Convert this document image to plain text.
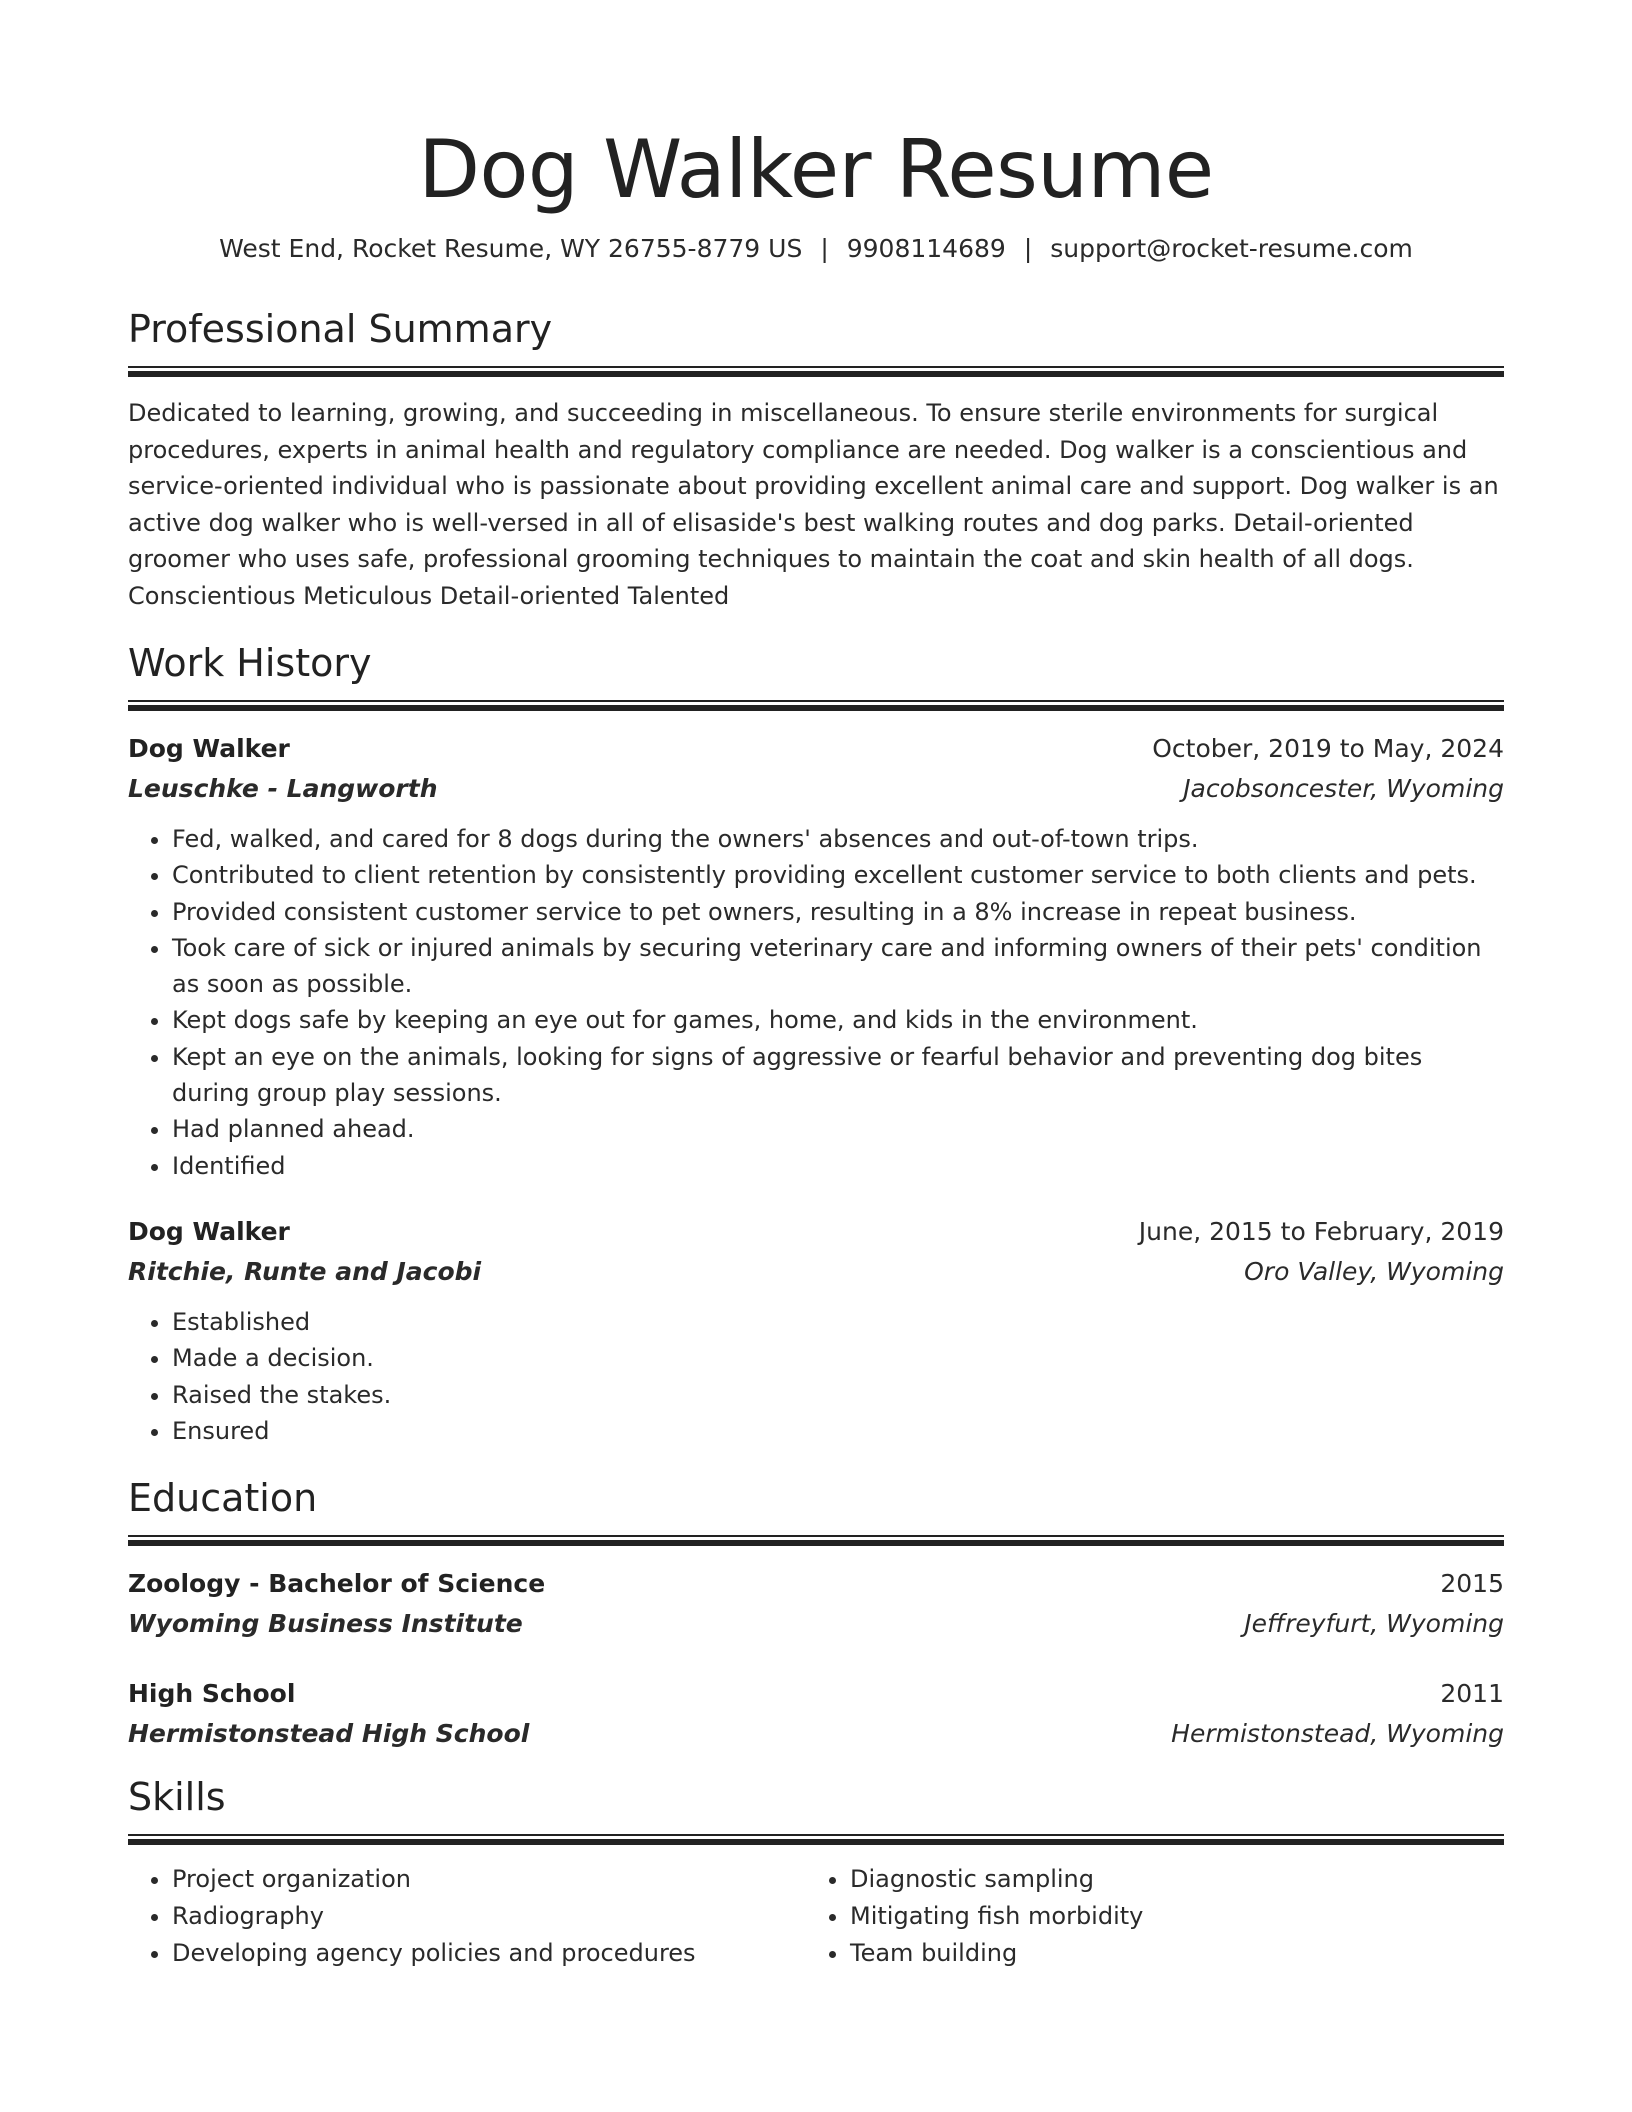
Dog Walker Resume
West End, Rocket Resume, WY 26755-8779 US | 9908114689 | support@rocket-resume.com
Professional Summary
Dedicated to learning, growing, and succeeding in miscellaneous. To ensure sterile environments for surgical procedures, experts in animal health and regulatory compliance are needed. Dog walker is a conscientious and service-oriented individual who is passionate about providing excellent animal care and support. Dog walker is an active dog walker who is well-versed in all of elisaside's best walking routes and dog parks. Detail-oriented groomer who uses safe, professional grooming techniques to maintain the coat and skin health of all dogs. Conscientious Meticulous Detail-oriented Talented
Work History
Dog Walker	October, 2019 to May, 2024
Leuschke - Langworth	Jacobsoncester, Wyoming
• Fed, walked, and cared for 8 dogs during the owners' absences and out-of-town trips.
• Contributed to client retention by consistently providing excellent customer service to both clients and pets.
• Provided consistent customer service to pet owners, resulting in a 8% increase in repeat business.
• Took care of sick or injured animals by securing veterinary care and informing owners of their pets' condition as soon as possible.
• Kept dogs safe by keeping an eye out for games, home, and kids in the environment.
• Kept an eye on the animals, looking for signs of aggressive or fearful behavior and preventing dog bites during group play sessions.
• Had planned ahead.
• Identified
Dog Walker	June, 2015 to February, 2019
Ritchie, Runte and Jacobi	Oro Valley, Wyoming
• Established
• Made a decision.
• Raised the stakes.
• Ensured
Education
Zoology - Bachelor of Science	2015
Wyoming Business Institute	Jeffreyfurt, Wyoming
High School	2011
Hermistonstead High School	Hermistonstead, Wyoming
Skills
• Project organization
• Radiography
• Developing agency policies and procedures
• Diagnostic sampling
• Mitigating fish morbidity
• Team building
